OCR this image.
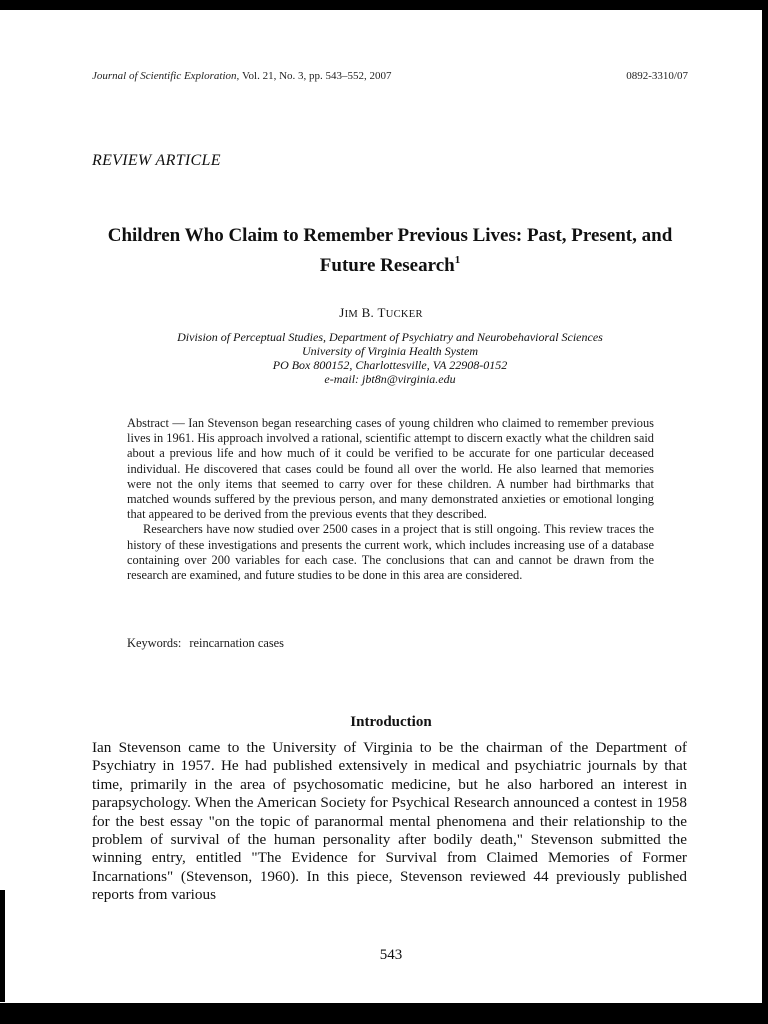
Journal of Scientific Exploration, Vol. 21, No. 3, pp. 543–552, 2007	0892-3310/07
REVIEW ARTICLE
Children Who Claim to Remember Previous Lives: Past, Present, and Future Research$^1$
JIM B. TUCKER
Division of Perceptual Studies, Department of Psychiatry and Neurobehavioral Sciences
University of Virginia Health System
PO Box 800152, Charlottesville, VA 22908-0152
e-mail: jbt8n@virginia.edu

Abstract — Ian Stevenson began researching cases of young children who claimed to remember previous lives in 1961. His approach involved a rational, scientific attempt to discern exactly what the children said about a previous life and how much of it could be verified to be accurate for one particular deceased individual. He discovered that cases could be found all over the world. He also learned that memories were not the only items that seemed to carry over for these children. A number had birthmarks that matched wounds suffered by the previous person, and many demonstrated anxieties or emotional longing that appeared to be derived from the previous events that they described.

Researchers have now studied over 2500 cases in a project that is still ongoing. This review traces the history of these investigations and presents the current work, which includes increasing use of a database containing over 200 variables for each case. The conclusions that can and cannot be drawn from the research are examined, and future studies to be done in this area are considered.

Keywords: reincarnation cases
Introduction
Ian Stevenson came to the University of Virginia to be the chairman of the Department of Psychiatry in 1957. He had published extensively in medical and psychiatric journals by that time, primarily in the area of psychosomatic medicine, but he also harbored an interest in parapsychology. When the American Society for Psychical Research announced a contest in 1958 for the best essay "on the topic of paranormal mental phenomena and their relationship to the problem of survival of the human personality after bodily death," Stevenson submitted the winning entry, entitled "The Evidence for Survival from Claimed Memories of Former Incarnations" (Stevenson, 1960). In this piece, Stevenson reviewed 44 previously published reports from various
543
